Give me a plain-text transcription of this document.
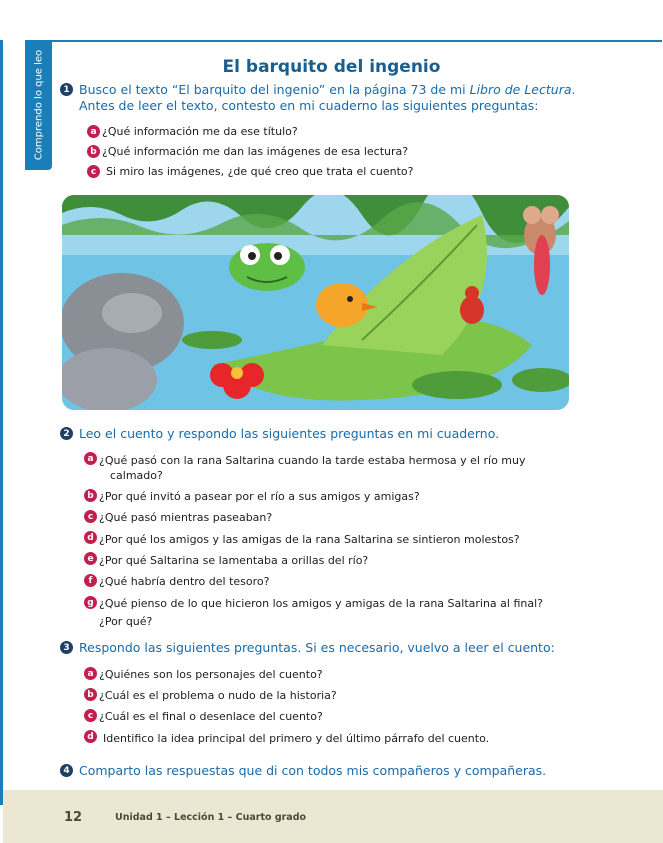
Comprendo lo que leo	El barquito del ingenio
1 Busco el texto “El barquito del ingenio” en la página 73 de mi Libro de Lectura.
Antes de leer el texto, contesto en mi cuaderno las siguientes preguntas:
a ¿Qué información me da ese título?
b ¿Qué información me dan las imágenes de esa lectura?
c Si miro las imágenes, ¿de qué creo que trata el cuento?
2 Leo el cuento y respondo las siguientes preguntas en mi cuaderno.
a ¿Qué pasó con la rana Saltarina cuando la tarde estaba hermosa y el río muy
calmado?
b ¿Por qué invitó a pasear por el río a sus amigos y amigas?
c ¿Qué pasó mientras paseaban?
d ¿Por qué los amigos y las amigas de la rana Saltarina se sintieron molestos?
e ¿Por qué Saltarina se lamentaba a orillas del río?
f ¿Qué habría dentro del tesoro?
g ¿Qué pienso de lo que hicieron los amigos y amigas de la rana Saltarina al final?
¿Por qué?
3 Respondo las siguientes preguntas. Si es necesario, vuelvo a leer el cuento:
a ¿Quiénes son los personajes del cuento?
b ¿Cuál es el problema o nudo de la historia?
c ¿Cuál es el final o desenlace del cuento?
d Identifico la idea principal del primero y del último párrafo del cuento.
4 Comparto las respuestas que di con todos mis compañeros y compañeras.
12	Unidad 1 – Lección 1 – Cuarto grado
